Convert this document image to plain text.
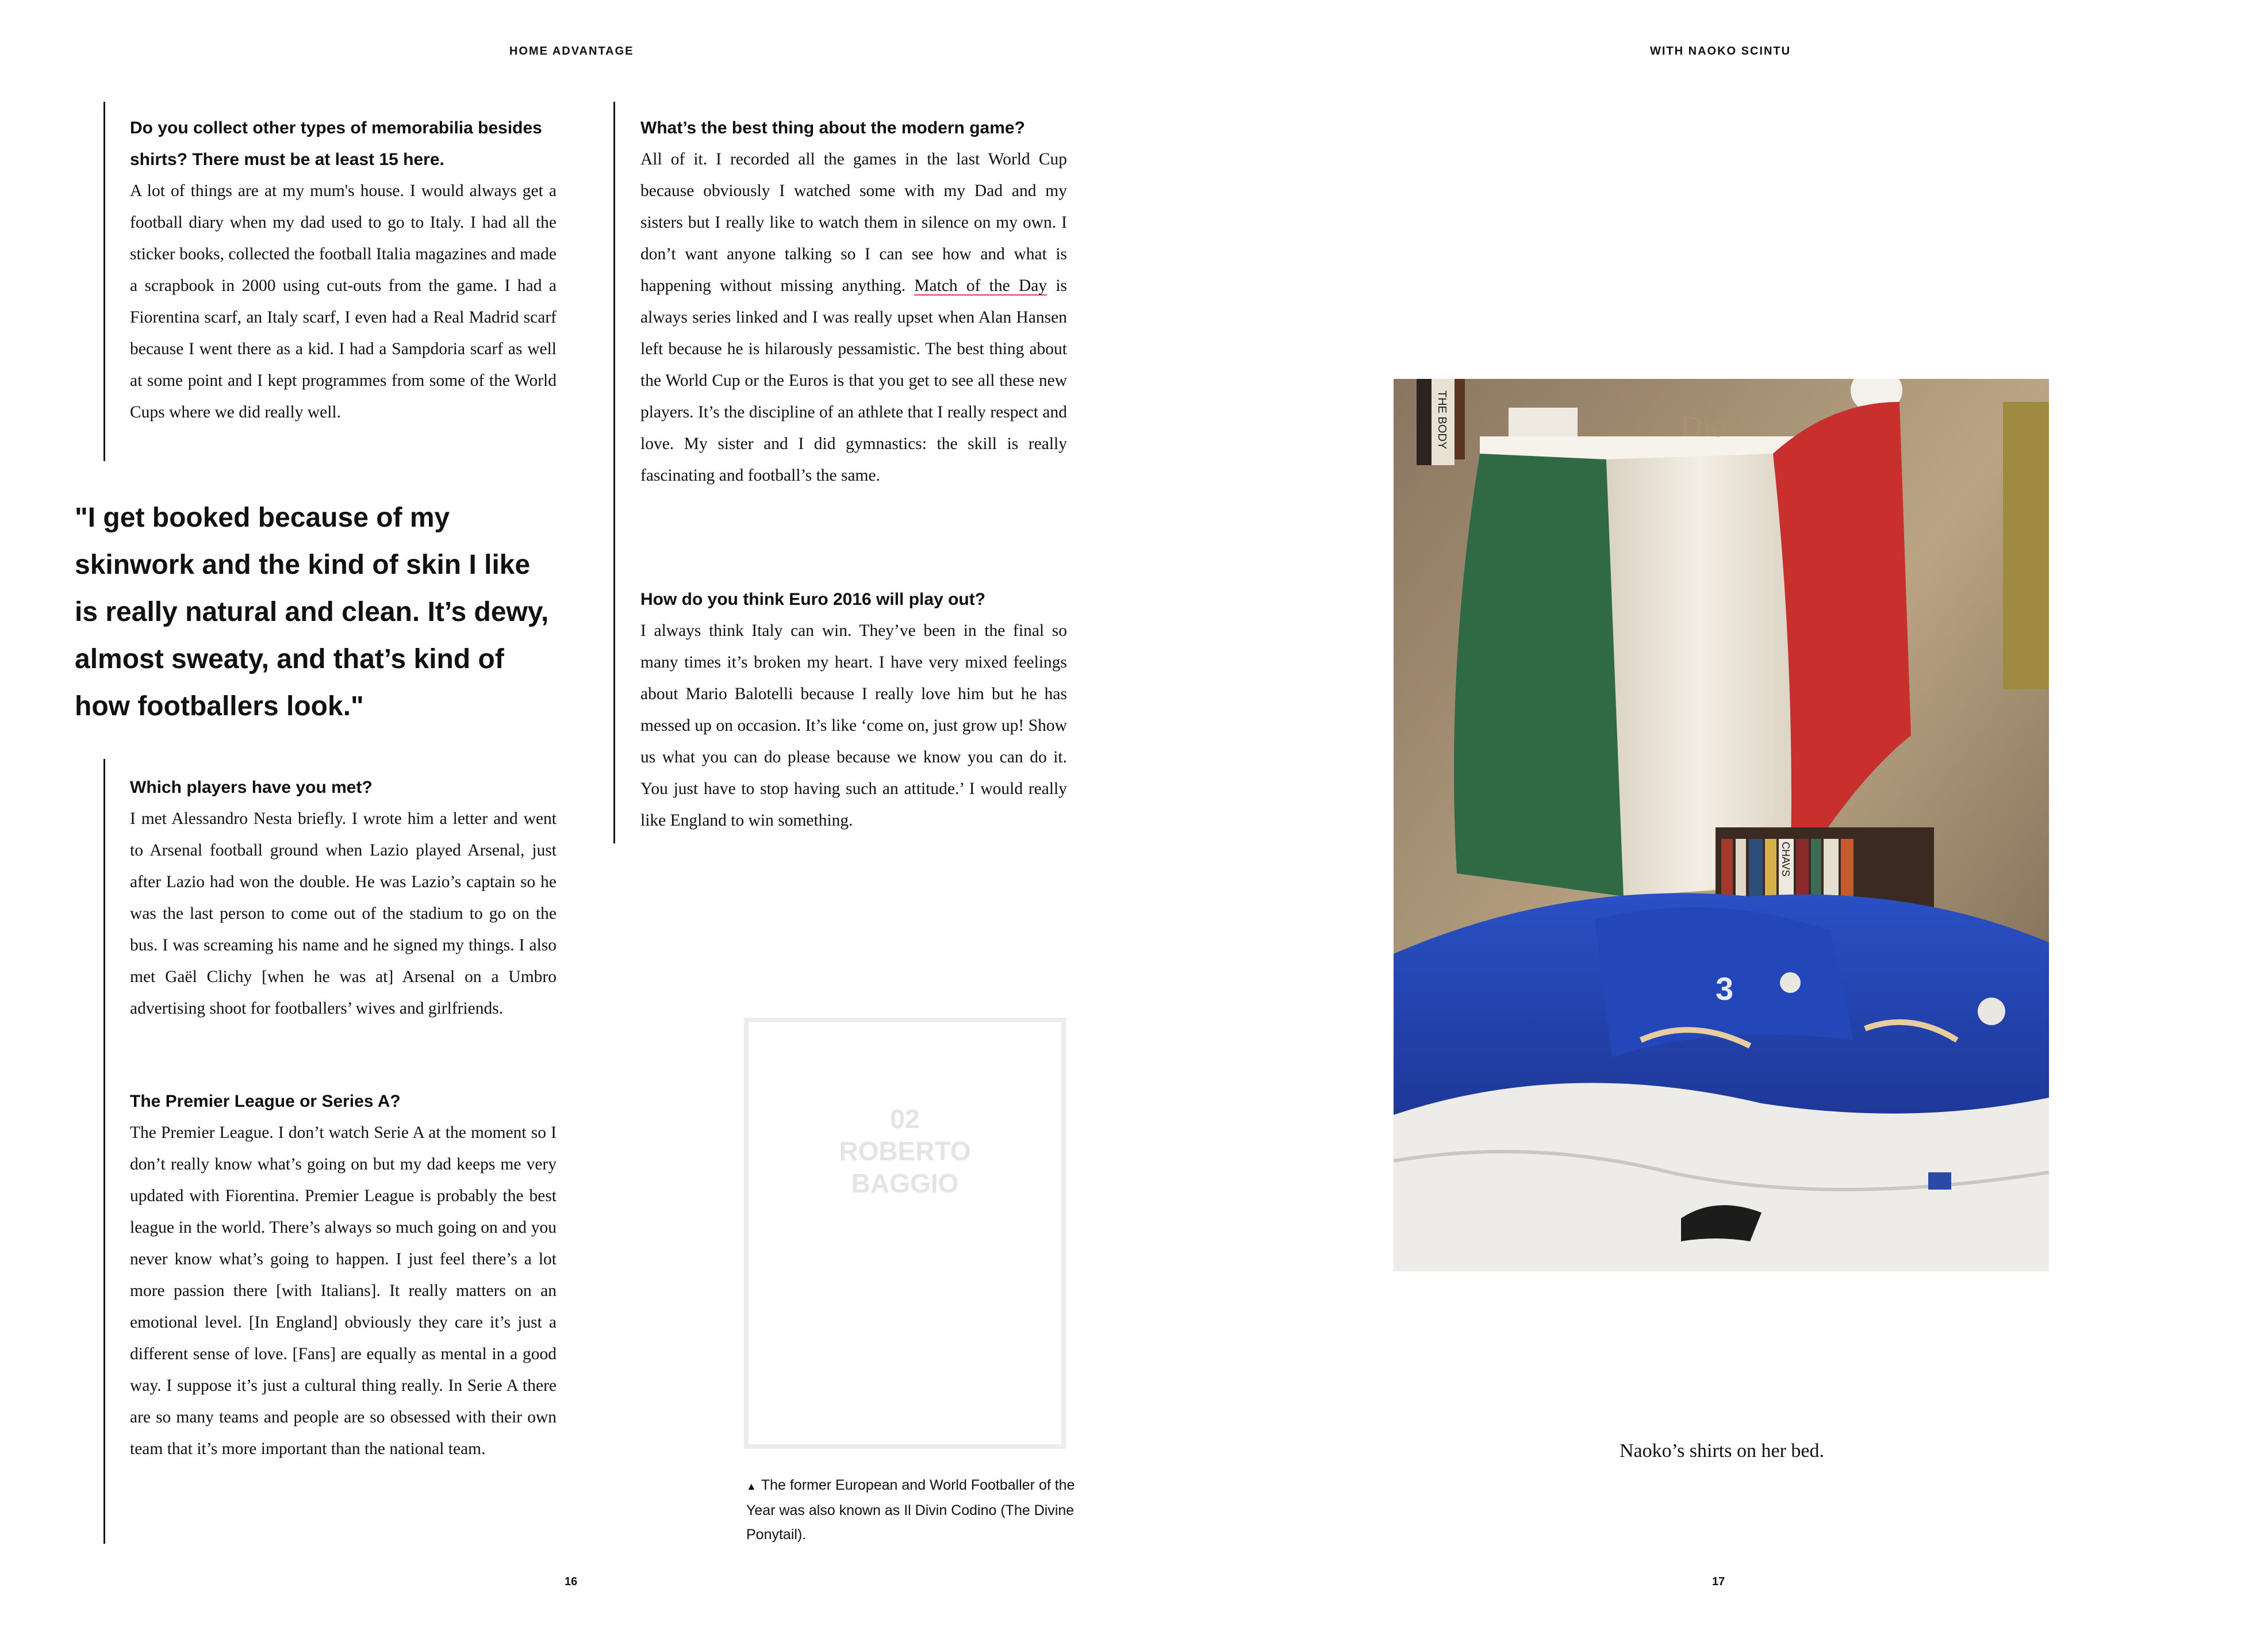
HOME ADVANTAGE

Do you collect other types of memorabilia besides shirts? There must be at least 15 here.

A lot of things are at my mum's house. I would always get a football diary when my dad used to go to Italy. I had all the sticker books, collected the football Italia magazines and made a scrapbook in 2000 using cut-outs from the game. I had a Fiorentina scarf, an Italy scarf, I even had a Real Madrid scarf because I went there as a kid. I had a Sampdoria scarf as well at some point and I kept programmes from some of the World Cups where we did really well.

"I get booked because of my skinwork and the kind of skin I like is really natural and clean. It’s dewy, almost sweaty, and that’s kind of how footballers look."

Which players have you met?

I met Alessandro Nesta briefly. I wrote him a letter and went to Arsenal football ground when Lazio played Arsenal, just after Lazio had won the double. He was Lazio’s captain so he was the last person to come out of the stadium to go on the bus. I was screaming his name and he signed my things. I also met Gaël Clichy [when he was at] Arsenal on a Umbro advertising shoot for footballers’ wives and girlfriends.

The Premier League or Series A?

The Premier League. I don’t watch Serie A at the moment so I don’t really know what’s going on but my dad keeps me very updated with Fiorentina. Premier League is probably the best league in the world. There’s always so much going on and you never know what’s going to happen. I just feel there’s a lot more passion there [with Italians]. It really matters on an emotional level. [In England] obviously they care it’s just a different sense of love. [Fans] are equally as mental in a good way. I suppose it’s just a cultural thing really. In Serie A there are so many teams and people are so obsessed with their own team that it’s more important than the national team.

What’s the best thing about the modern game?

All of it. I recorded all the games in the last World Cup because obviously I watched some with my Dad and my sisters but I really like to watch them in silence on my own. I don’t want anyone talking so I can see how and what is happening without missing anything. Match of the Day is always series linked and I was really upset when Alan Hansen left because he is hilarously pessamistic. The best thing about the World Cup or the Euros is that you get to see all these new players. It’s the discipline of an athlete that I really respect and love. My sister and I did gymnastics: the skill is really fascinating and football’s the same.

How do you think Euro 2016 will play out?

I always think Italy can win. They’ve been in the final so many times it’s broken my heart. I have very mixed feelings about Mario Balotelli because I really love him but he has messed up on occasion. It’s like ‘come on, just grow up! Show us what you can do please because we know you can do it. You just have to stop having such an attitude.’ I would really like England to win something.

02
ROBERTO
BAGGIO
▲ The former European and World Footballer of the Year was also known as Il Divin Codino (The Divine Ponytail).
16
WITH NAOKO SCINTU
THE BODY	Dior
CHAVS
3
Naoko’s shirts on her bed.
17
